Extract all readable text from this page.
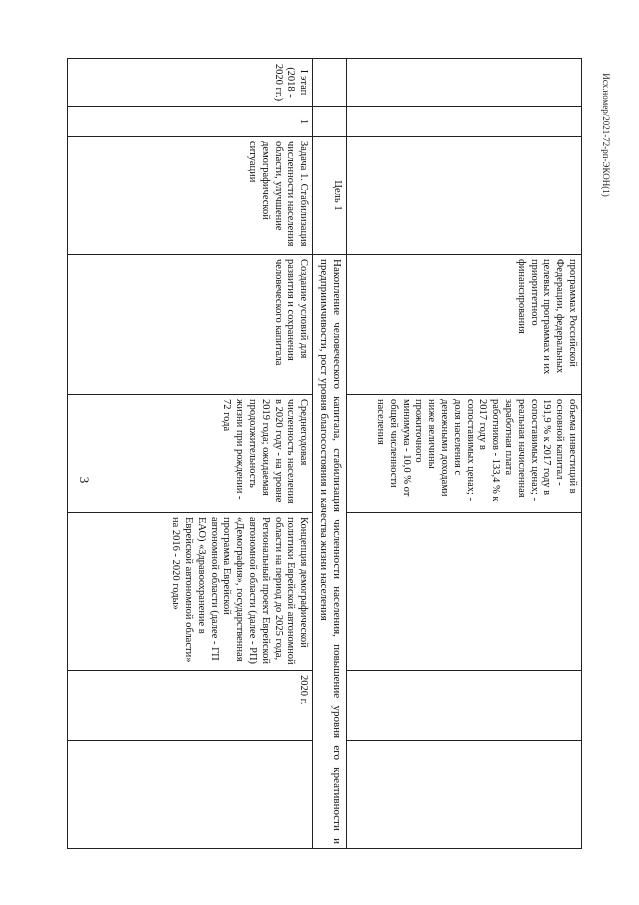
3
Исх.номер/2021-72-рп-ЭКОН(1)
			программах Российской Федерации, федеральных целевых программах и их приоритетного финансирования	объема инвестиций в основной капитал - 191,9 % к 2017 году в сопоставимых ценах; - реальная начисленная заработная плата работников - 133,4 % к 2017 году в сопоставимых ценах; - доля населения с денежными доходами ниже величины прожиточного минимума - 10,0 % от общей численности населения			
		Цель 1	Накопление человеческого капитала, стабилизация численности населения, повышение уровня его креативности и предприимчивости, рост уровня благосостояния и качества жизни населения				
I этап (2018 - 2020 гг.)	1	Задача 1. Стабилизация численности населения области, улучшение демографической ситуации	Создание условий для развития и сохранения человеческого капитала	Среднегодовая численность населения в 2020 году - на уровне 2019 года; ожидаемая продолжительность жизни при рождении - 72 года	Концепция демографической политики Еврейской автономной области на период до 2025 года, Региональный проект Еврейской автономной области (далее - РП) «Демография», государственная программа Еврейской автономной области (далее - ГП ЕАО) «Здравоохранение в Еврейской автономной области» на 2016 - 2020 годы»	2020 г.	
